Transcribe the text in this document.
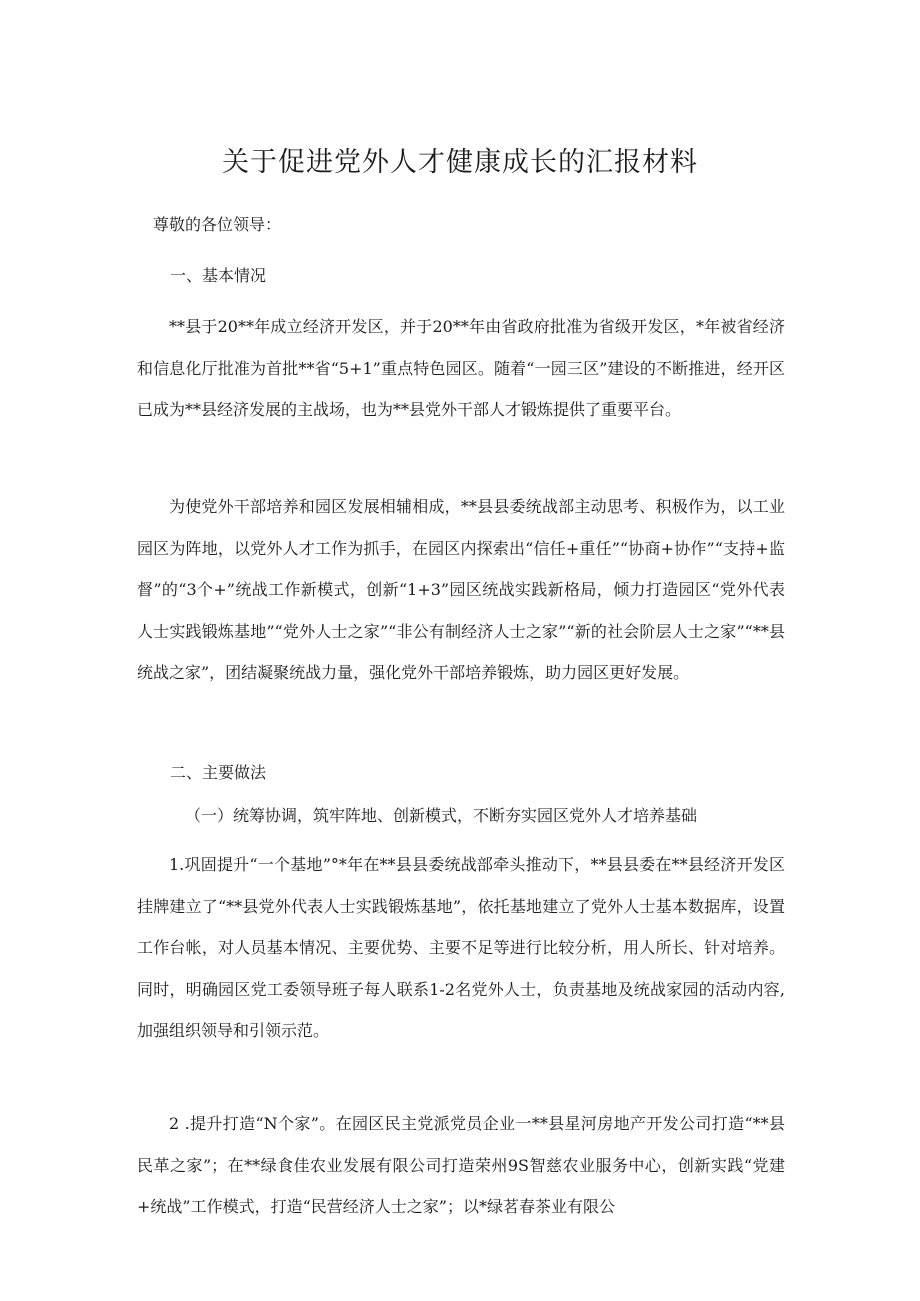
关于促进党外人才健康成长的汇报材料

尊敬的各位领导：

一、基本情况

**县于20**年成立经济开发区，并于20**年由省政府批准为省级开发区，*年被省经济和信息化厅批准为首批**省“5+1”重点特色园区。随着“一园三区”建设的不断推进，经开区已成为**县经济发展的主战场，也为**县党外干部人才锻炼提供了重要平台。

为使党外干部培养和园区发展相辅相成，**县县委统战部主动思考、积极作为，以工业园区为阵地，以党外人才工作为抓手，在园区内探索出“信任+重任”“协商+协作”“支持+监督”的“3个+”统战工作新模式，创新“1+3”园区统战实践新格局，倾力打造园区“党外代表人士实践锻炼基地”“党外人士之家”“非公有制经济人士之家”“新的社会阶层人士之家”“**县统战之家”，团结凝聚统战力量，强化党外干部培养锻炼，助力园区更好发展。

二、主要做法

（一）统筹协调，筑牢阵地、创新模式，不断夯实园区党外人才培养基础

1.巩固提升“一个基地”°*年在**县县委统战部牵头推动下，**县县委在**县经济开发区挂牌建立了“**县党外代表人士实践锻炼基地”，依托基地建立了党外人士基本数据库，设置工作台帐，对人员基本情况、主要优势、主要不足等进行比较分析，用人所长、针对培养。同时，明确园区党工委领导班子每人联系1-2名党外人士，负责基地及统战家园的活动内容,加强组织领导和引领示范。

2 .提升打造“N个家”。在园区民主党派党员企业一**县星河房地产开发公司打造“**县民革之家”；在**绿食佳农业发展有限公司打造荣州9S智慈农业服务中心，创新实践“党建+统战”工作模式，打造“民营经济人士之家”；以*绿茗春茶业有限公
